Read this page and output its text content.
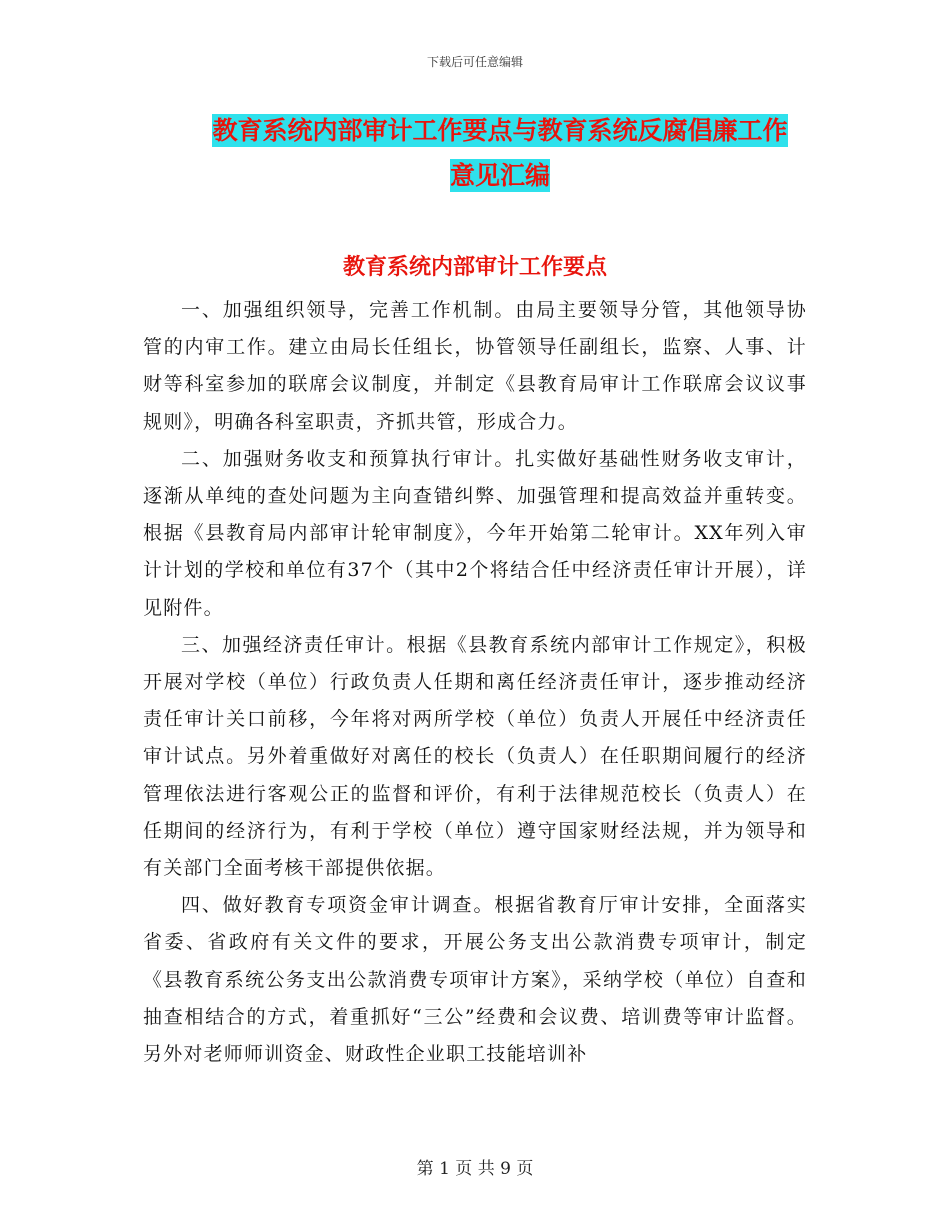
下载后可任意编辑
教育系统内部审计工作要点与教育系统反腐倡廉工作
意见汇编
教育系统内部审计工作要点

一、加强组织领导，完善工作机制。由局主要领导分管，其他领导协管的内审工作。建立由局长任组长，协管领导任副组长，监察、人事、计财等科室参加的联席会议制度，并制定《县教育局审计工作联席会议议事规则》，明确各科室职责，齐抓共管，形成合力。

二、加强财务收支和预算执行审计。扎实做好基础性财务收支审计，逐渐从单纯的查处问题为主向查错纠弊、加强管理和提高效益并重转变。根据《县教育局内部审计轮审制度》，今年开始第二轮审计。XX年列入审计计划的学校和单位有37个（其中2个将结合任中经济责任审计开展），详见附件。

三、加强经济责任审计。根据《县教育系统内部审计工作规定》，积极开展对学校（单位）行政负责人任期和离任经济责任审计，逐步推动经济责任审计关口前移，今年将对两所学校（单位）负责人开展任中经济责任审计试点。另外着重做好对离任的校长（负责人）在任职期间履行的经济管理依法进行客观公正的监督和评价，有利于法律规范校长（负责人）在任期间的经济行为，有利于学校（单位）遵守国家财经法规，并为领导和有关部门全面考核干部提供依据。

四、做好教育专项资金审计调查。根据省教育厅审计安排，全面落实省委、省政府有关文件的要求，开展公务支出公款消费专项审计，制定《县教育系统公务支出公款消费专项审计方案》，采纳学校（单位）自查和抽查相结合的方式，着重抓好“三公”经费和会议费、培训费等审计监督。另外对老师师训资金、财政性企业职工技能培训补

第 1 页 共 9 页
